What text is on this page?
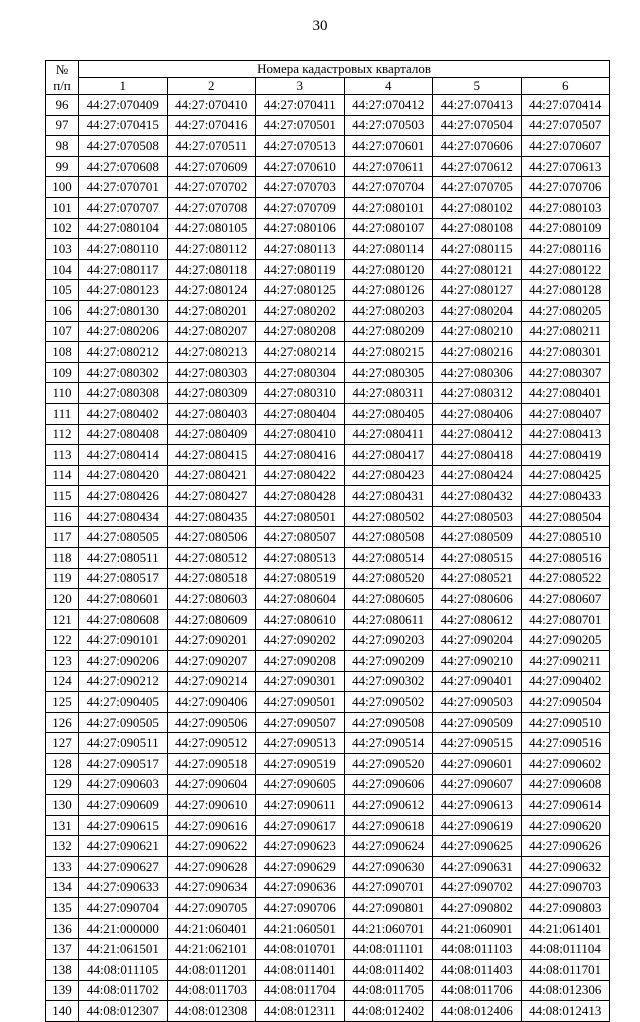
30
№
п/п	Номера кадастровых кварталов					
	1	2	3	4	5	6
96	44:27:070409	44:27:070410	44:27:070411	44:27:070412	44:27:070413	44:27:070414
97	44:27:070415	44:27:070416	44:27:070501	44:27:070503	44:27:070504	44:27:070507
98	44:27:070508	44:27:070511	44:27:070513	44:27:070601	44:27:070606	44:27:070607
99	44:27:070608	44:27:070609	44:27:070610	44:27:070611	44:27:070612	44:27:070613
100	44:27:070701	44:27:070702	44:27:070703	44:27:070704	44:27:070705	44:27:070706
101	44:27:070707	44:27:070708	44:27:070709	44:27:080101	44:27:080102	44:27:080103
102	44:27:080104	44:27:080105	44:27:080106	44:27:080107	44:27:080108	44:27:080109
103	44:27:080110	44:27:080112	44:27:080113	44:27:080114	44:27:080115	44:27:080116
104	44:27:080117	44:27:080118	44:27:080119	44:27:080120	44:27:080121	44:27:080122
105	44:27:080123	44:27:080124	44:27:080125	44:27:080126	44:27:080127	44:27:080128
106	44:27:080130	44:27:080201	44:27:080202	44:27:080203	44:27:080204	44:27:080205
107	44:27:080206	44:27:080207	44:27:080208	44:27:080209	44:27:080210	44:27:080211
108	44:27:080212	44:27:080213	44:27:080214	44:27:080215	44:27:080216	44:27:080301
109	44:27:080302	44:27:080303	44:27:080304	44:27:080305	44:27:080306	44:27:080307
110	44:27:080308	44:27:080309	44:27:080310	44:27:080311	44:27:080312	44:27:080401
111	44:27:080402	44:27:080403	44:27:080404	44:27:080405	44:27:080406	44:27:080407
112	44:27:080408	44:27:080409	44:27:080410	44:27:080411	44:27:080412	44:27:080413
113	44:27:080414	44:27:080415	44:27:080416	44:27:080417	44:27:080418	44:27:080419
114	44:27:080420	44:27:080421	44:27:080422	44:27:080423	44:27:080424	44:27:080425
115	44:27:080426	44:27:080427	44:27:080428	44:27:080431	44:27:080432	44:27:080433
116	44:27:080434	44:27:080435	44:27:080501	44:27:080502	44:27:080503	44:27:080504
117	44:27:080505	44:27:080506	44:27:080507	44:27:080508	44:27:080509	44:27:080510
118	44:27:080511	44:27:080512	44:27:080513	44:27:080514	44:27:080515	44:27:080516
119	44:27:080517	44:27:080518	44:27:080519	44:27:080520	44:27:080521	44:27:080522
120	44:27:080601	44:27:080603	44:27:080604	44:27:080605	44:27:080606	44:27:080607
121	44:27:080608	44:27:080609	44:27:080610	44:27:080611	44:27:080612	44:27:080701
122	44:27:090101	44:27:090201	44:27:090202	44:27:090203	44:27:090204	44:27:090205
123	44:27:090206	44:27:090207	44:27:090208	44:27:090209	44:27:090210	44:27:090211
124	44:27:090212	44:27:090214	44:27:090301	44:27:090302	44:27:090401	44:27:090402
125	44:27:090405	44:27:090406	44:27:090501	44:27:090502	44:27:090503	44:27:090504
126	44:27:090505	44:27:090506	44:27:090507	44:27:090508	44:27:090509	44:27:090510
127	44:27:090511	44:27:090512	44:27:090513	44:27:090514	44:27:090515	44:27:090516
128	44:27:090517	44:27:090518	44:27:090519	44:27:090520	44:27:090601	44:27:090602
129	44:27:090603	44:27:090604	44:27:090605	44:27:090606	44:27:090607	44:27:090608
130	44:27:090609	44:27:090610	44:27:090611	44:27:090612	44:27:090613	44:27:090614
131	44:27:090615	44:27:090616	44:27:090617	44:27:090618	44:27:090619	44:27:090620
132	44:27:090621	44:27:090622	44:27:090623	44:27:090624	44:27:090625	44:27:090626
133	44:27:090627	44:27:090628	44:27:090629	44:27:090630	44:27:090631	44:27:090632
134	44:27:090633	44:27:090634	44:27:090636	44:27:090701	44:27:090702	44:27:090703
135	44:27:090704	44:27:090705	44:27:090706	44:27:090801	44:27:090802	44:27:090803
136	44:21:000000	44:21:060401	44:21:060501	44:21:060701	44:21:060901	44:21:061401
137	44:21:061501	44:21:062101	44:08:010701	44:08:011101	44:08:011103	44:08:011104
138	44:08:011105	44:08:011201	44:08:011401	44:08:011402	44:08:011403	44:08:011701
139	44:08:011702	44:08:011703	44:08:011704	44:08:011705	44:08:011706	44:08:012306
140	44:08:012307	44:08:012308	44:08:012311	44:08:012402	44:08:012406	44:08:012413
